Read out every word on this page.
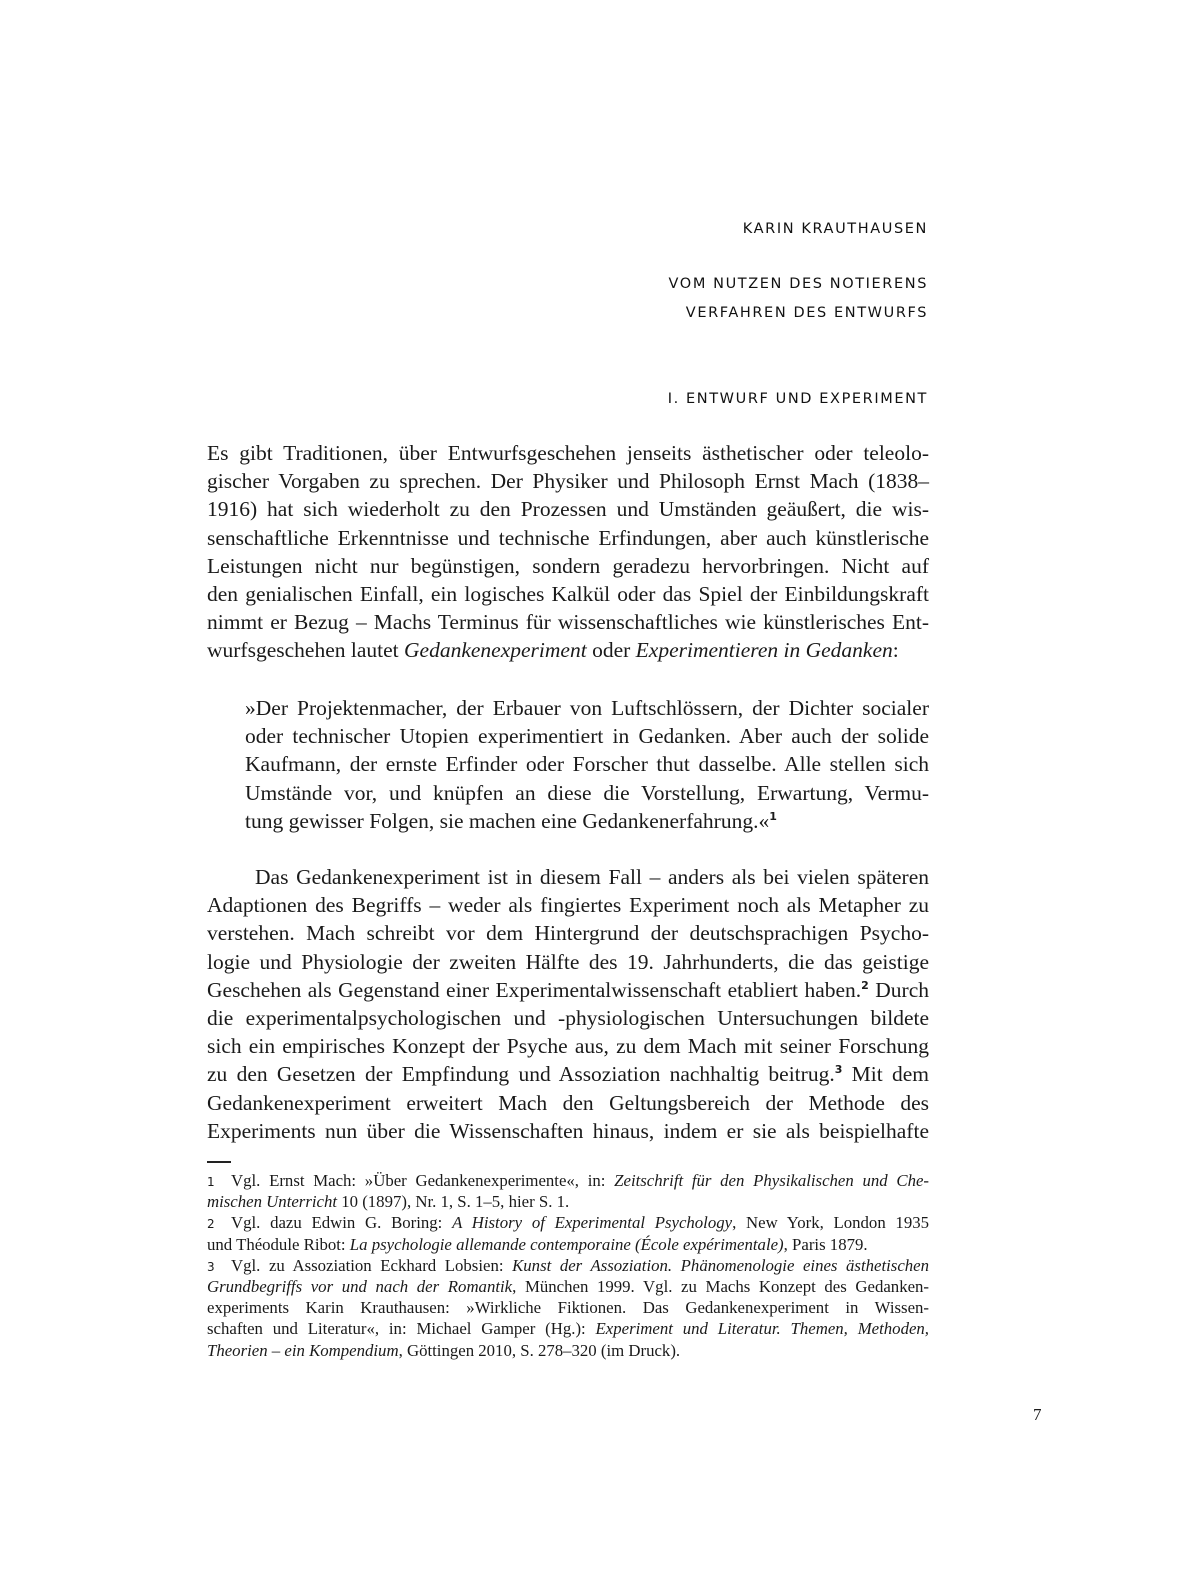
KARIN KRAUTHAUSEN
VOM NUTZEN DES NOTIERENS
VERFAHREN DES ENTWURFS
I. ENTWURF UND EXPERIMENT
Es gibt Traditionen, über Entwurfsgeschehen jenseits ästhetischer oder teleolo-
gischer Vorgaben zu sprechen. Der Physiker und Philosoph Ernst Mach (1838–
1916) hat sich wiederholt zu den Prozessen und Umständen geäußert, die wis-
senschaftliche Erkenntnisse und technische Erfindungen, aber auch künstlerische
Leistungen nicht nur begünstigen, sondern geradezu hervorbringen. Nicht auf
den genialischen Einfall, ein logisches Kalkül oder das Spiel der Einbildungskraft
nimmt er Bezug – Machs Terminus für wissenschaftliches wie künstlerisches Ent-
wurfsgeschehen lautet Gedankenexperiment oder Experimentieren in Gedanken:
»Der Projektenmacher, der Erbauer von Luftschlössern, der Dichter socialer
oder technischer Utopien experimentiert in Gedanken. Aber auch der solide
Kaufmann, der ernste Erfinder oder Forscher thut dasselbe. Alle stellen sich
Umstände vor, und knüpfen an diese die Vorstellung, Erwartung, Vermu-
tung gewisser Folgen, sie machen eine Gedankenerfahrung.«$^1$
Das Gedankenexperiment ist in diesem Fall – anders als bei vielen späteren
Adaptionen des Begriffs – weder als fingiertes Experiment noch als Metapher zu
verstehen. Mach schreibt vor dem Hintergrund der deutschsprachigen Psycho-
logie und Physiologie der zweiten Hälfte des 19. Jahrhunderts, die das geistige
Geschehen als Gegenstand einer Experimentalwissenschaft etabliert haben.$^2$ Durch
die experimentalpsychologischen und -physiologischen Untersuchungen bildete
sich ein empirisches Konzept der Psyche aus, zu dem Mach mit seiner Forschung
zu den Gesetzen der Empfindung und Assoziation nachhaltig beitrug.$^3$ Mit dem
Gedankenexperiment erweitert Mach den Geltungsbereich der Methode des
Experiments nun über die Wissenschaften hinaus, indem er sie als beispielhafte
1 Vgl. Ernst Mach: »Über Gedankenexperimente«, in: Zeitschrift für den Physikalischen und Che-
mischen Unterricht 10 (1897), Nr. 1, S. 1–5, hier S. 1.
2 Vgl. dazu Edwin G. Boring: A History of Experimental Psychology, New York, London 1935
und Théodule Ribot: La psychologie allemande contemporaine (École expérimentale), Paris 1879.
3 Vgl. zu Assoziation Eckhard Lobsien: Kunst der Assoziation. Phänomenologie eines ästhetischen
Grundbegriffs vor und nach der Romantik, München 1999. Vgl. zu Machs Konzept des Gedanken-
experiments Karin Krauthausen: »Wirkliche Fiktionen. Das Gedankenexperiment in Wissen-
schaften und Literatur«, in: Michael Gamper (Hg.): Experiment und Literatur. Themen, Methoden,
Theorien – ein Kompendium, Göttingen 2010, S. 278–320 (im Druck).
7
